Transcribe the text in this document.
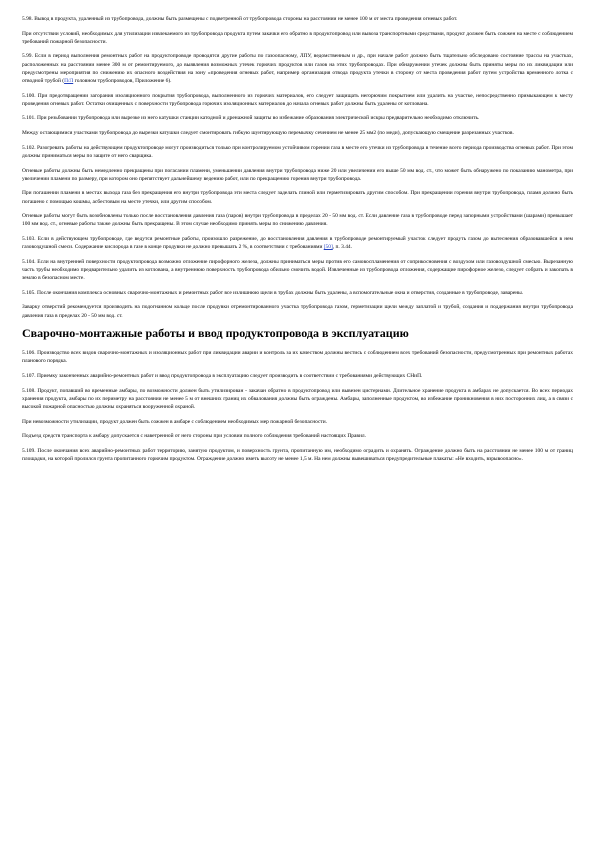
5.98. Вывод в продукта, удаленный из трубопровода, должны быть размещены с подветренной от трубопровода стороны на расстоянии не менее 100 м от места проведения огневых работ.

При отсутствии условий, необходимых для утилизации извлекаемого из трубопровода продукта путем закачки его обратно в продуктопровод или вывоза транспортными средствами, продукт должен быть сожжен на месте с соблюдением требований пожарной безопасности.

5.99. Если в период выполнения ремонтных работ на продуктопроводе проводятся другие работы по газоопасному, ЛПУ, ведомственным и др., при начале работ должно быть тщательно обследовано состояние трассы на участках, расположенных на расстоянии менее 300 м от ремонтируемого, до выявления возможных утечек горючих продуктов или газов на этих трубопроводах. При обнаружении утечек должны быть приняты меры по их ликвидации или предусмотрены мероприятия по снижению их опасного воздействия на зону «проведения огневых работ, например организация отвода продукта утечки в сторону от места проведения работ путем устройства временного лотка с отводной трубой (П/Л головном трубопроводов, Приложение 6).

5.100. При предотвращении загорания изоляционного покрытия трубопровода, выполненного из горючих материалов, его следует защищать негорючим покрытием или удалить на участке, непосредственно примыкающем к месту проведения огневых работ. Остатки очищенных с поверхности трубопровода горючих изоляционных материалов до начала огневых работ должны быть удалены от котлована.

5.101. При резьбовании трубопровода или вырезке из него катушки станции катодной и дренажной защиты во избежание образования электрической искры предварительно необходимо отключить.

Между остающимися участками трубопровода до вырезки катушки следует смонтировать гибкую шунтирующую перемычку сечением не менее 25 мм2 (по меди), допускающую смещение разрезанных участков.

5.102. Разогревать работы на действующем продуктопроводе могут производиться только при контролируемом устойчивом горении газа в месте его утечки из трубопровода в течение всего периода производства огневых работ. При этом должны приниматься меры по защите от него сварщика.

Огневые работы должны быть немедленно прекращены при погасании пламени, уменьшении давления внутри трубопровода ниже 20 или увеличении его выше 50 мм вод. ст., что может быть обнаружено по показанию манометра, при увеличении пламени по размеру, при котором оно препятствует дальнейшему ведению работ, или по прекращению горения внутри трубопровода.

При погашении пламени в местах выхода газа без прекращения его внутри трубопровода эти места следует заделать глиной или герметизировать другим способом. При прекращении горения внутри трубопровода, пламя должно быть погашено с помощью кошмы, асбестовым на месте утечки, или другим способом.

Огневые работы могут быть возобновлены только после восстановления давления газа (паров) внутри трубопровода в пределах 20 - 50 мм вод. ст. Если давление газа в трубопроводе перед запорными устройствами (шарами) превышает 100 мм вод. ст., огневые работы также должны быть прекращены. В этом случае необходимо принять меры по снижению давления.

5.103. Если в действующем трубопроводе, где ведутся ремонтные работы, произошло разрежение, до восстановления давления в трубопроводе ремонтируемый участок следует продуть газом до вытеснения образовавшейся в нем газовоздушной смеси. Содержание кислорода в газе в конце продувки не должно превышать 2 %, в соответствии с требованиями [50], п. 3.44.

5.104. Если на внутренней поверхности продуктопровода возможно отложение пирофорного железа, должны приниматься меры против его самовоспламенения от соприкосновения с воздухом или газовоздушной смесью. Вырезанную часть трубы необходимо предварительно удалить из котлована, а внутреннюю поверхность трубопровода обильно смочить водой. Извлеченные из трубопровода отложения, содержащие пирофорное железо, следует собрать и закопать в землю в безопасном месте.

5.105. После окончания комплекса основных сварочно-монтажных и ремонтных работ все излишнюю щели в трубах должны быть удалены, а вспомогательные окна и отверстия, созданные в трубопроводе, заварены.

Заварку отверстий рекомендуется производить на подогнанном кольце после продувки отремонтированного участка трубопровода газом, герметизации щели между заплатой и трубой, создания и поддержания внутри трубопровода давления газа в пределах 20 - 50 мм вод. ст.

Сварочно-монтажные работы и ввод продуктопровода в эксплуатацию

5.106. Производство всех видов сварочно-монтажных и изоляционных работ при ликвидации аварии и контроль за их качеством должны вестись с соблюдением всех требований безопасности, предусмотренных при ремонтных работах планового порядка.

5.107. Приемку законченных аварийно-ремонтных работ и ввод продуктопровода в эксплуатацию следует производить в соответствии с требованиями действующих СНиП.

5.108. Продукт, попавший во временные амбары, по возможности должен быть утилизирован - закачан обратно в продуктопровод или вывезен цистернами. Длительное хранение продукта в амбарах не допускается. Во всех периодах хранения продукта, амбары по их периметру на расстоянии не менее 5 м от внешних границ их обвалования должны быть ограждены. Амбары, заполненные продуктом, во избежание проникновения в них посторонних лиц, а в связи с высокой пожарной опасностью должны охраняться вооруженной охраной.

При невозможности утилизации, продукт должен быть сожжен в амбаре с соблюдением необходимых мер пожарной безопасности.

Подъезд средств транспорта к амбару допускается с наветренной от него стороны при условии полного соблюдения требований настоящих Правил.

5.109. После окончания всех аварийно-ремонтных работ территорию, занятую продуктом, и поверхность грунта, пропитанную им, необходимо оградить и охранять. Ограждение должно быть на расстоянии не менее 100 м от границ площадки, на которой пролился грунта пропитанного горючим продуктом. Ограждение должно иметь высоту не менее 1,5 м. На нем должны вывешиваться предупредительные плакаты: «Не входить, взрывоопасно».
